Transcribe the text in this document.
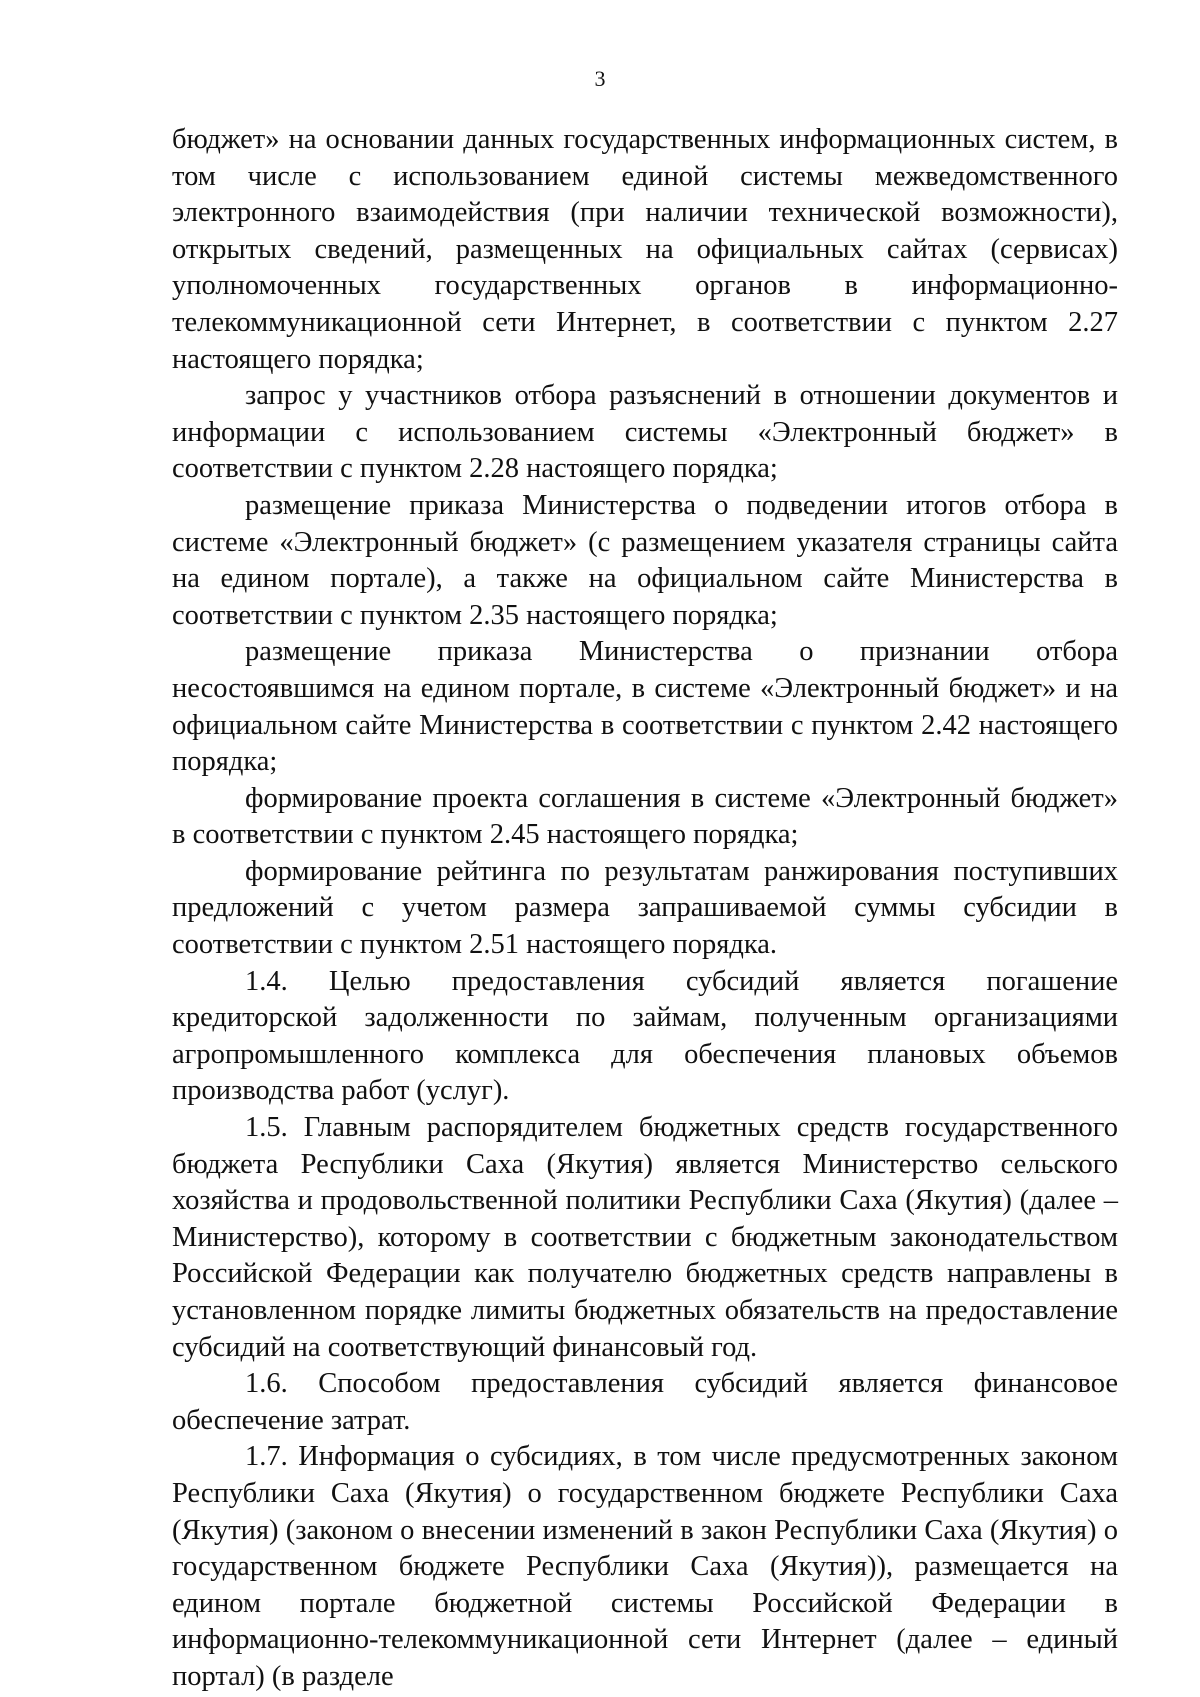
3

бюджет» на основании данных государственных информационных систем, в том числе с использованием единой системы межведомственного электронного взаимодействия (при наличии технической возможности), открытых сведений, размещенных на официальных сайтах (сервисах) уполномоченных государственных органов в информационно-телекоммуникационной сети Интернет, в соответствии с пунктом 2.27 настоящего порядка;

запрос у участников отбора разъяснений в отношении документов и информации с использованием системы «Электронный бюджет» в соответствии с пунктом 2.28 настоящего порядка;

размещение приказа Министерства о подведении итогов отбора в системе «Электронный бюджет» (с размещением указателя страницы сайта на едином портале), а также на официальном сайте Министерства в соответствии с пунктом 2.35 настоящего порядка;

размещение приказа Министерства о признании отбора несостоявшимся на едином портале, в системе «Электронный бюджет» и на официальном сайте Министерства в соответствии с пунктом 2.42 настоящего порядка;

формирование проекта соглашения в системе «Электронный бюджет» в соответствии с пунктом 2.45 настоящего порядка;

формирование рейтинга по результатам ранжирования поступивших предложений с учетом размера запрашиваемой суммы субсидии в соответствии с пунктом 2.51 настоящего порядка.

1.4. Целью предоставления субсидий является погашение кредиторской задолженности по займам, полученным организациями агропромышленного комплекса для обеспечения плановых объемов производства работ (услуг).

1.5. Главным распорядителем бюджетных средств государственного бюджета Республики Саха (Якутия) является Министерство сельского хозяйства и продовольственной политики Республики Саха (Якутия) (далее – Министерство), которому в соответствии с бюджетным законодательством Российской Федерации как получателю бюджетных средств направлены в установленном порядке лимиты бюджетных обязательств на предоставление субсидий на соответствующий финансовый год.

1.6. Способом предоставления субсидий является финансовое обеспечение затрат.

1.7. Информация о субсидиях, в том числе предусмотренных законом Республики Саха (Якутия) о государственном бюджете Республики Саха (Якутия) (законом о внесении изменений в закон Республики Саха (Якутия) о государственном бюджете Республики Саха (Якутия)), размещается на едином портале бюджетной системы Российской Федерации в информационно-телекоммуникационной сети Интернет (далее – единый портал) (в разделе
